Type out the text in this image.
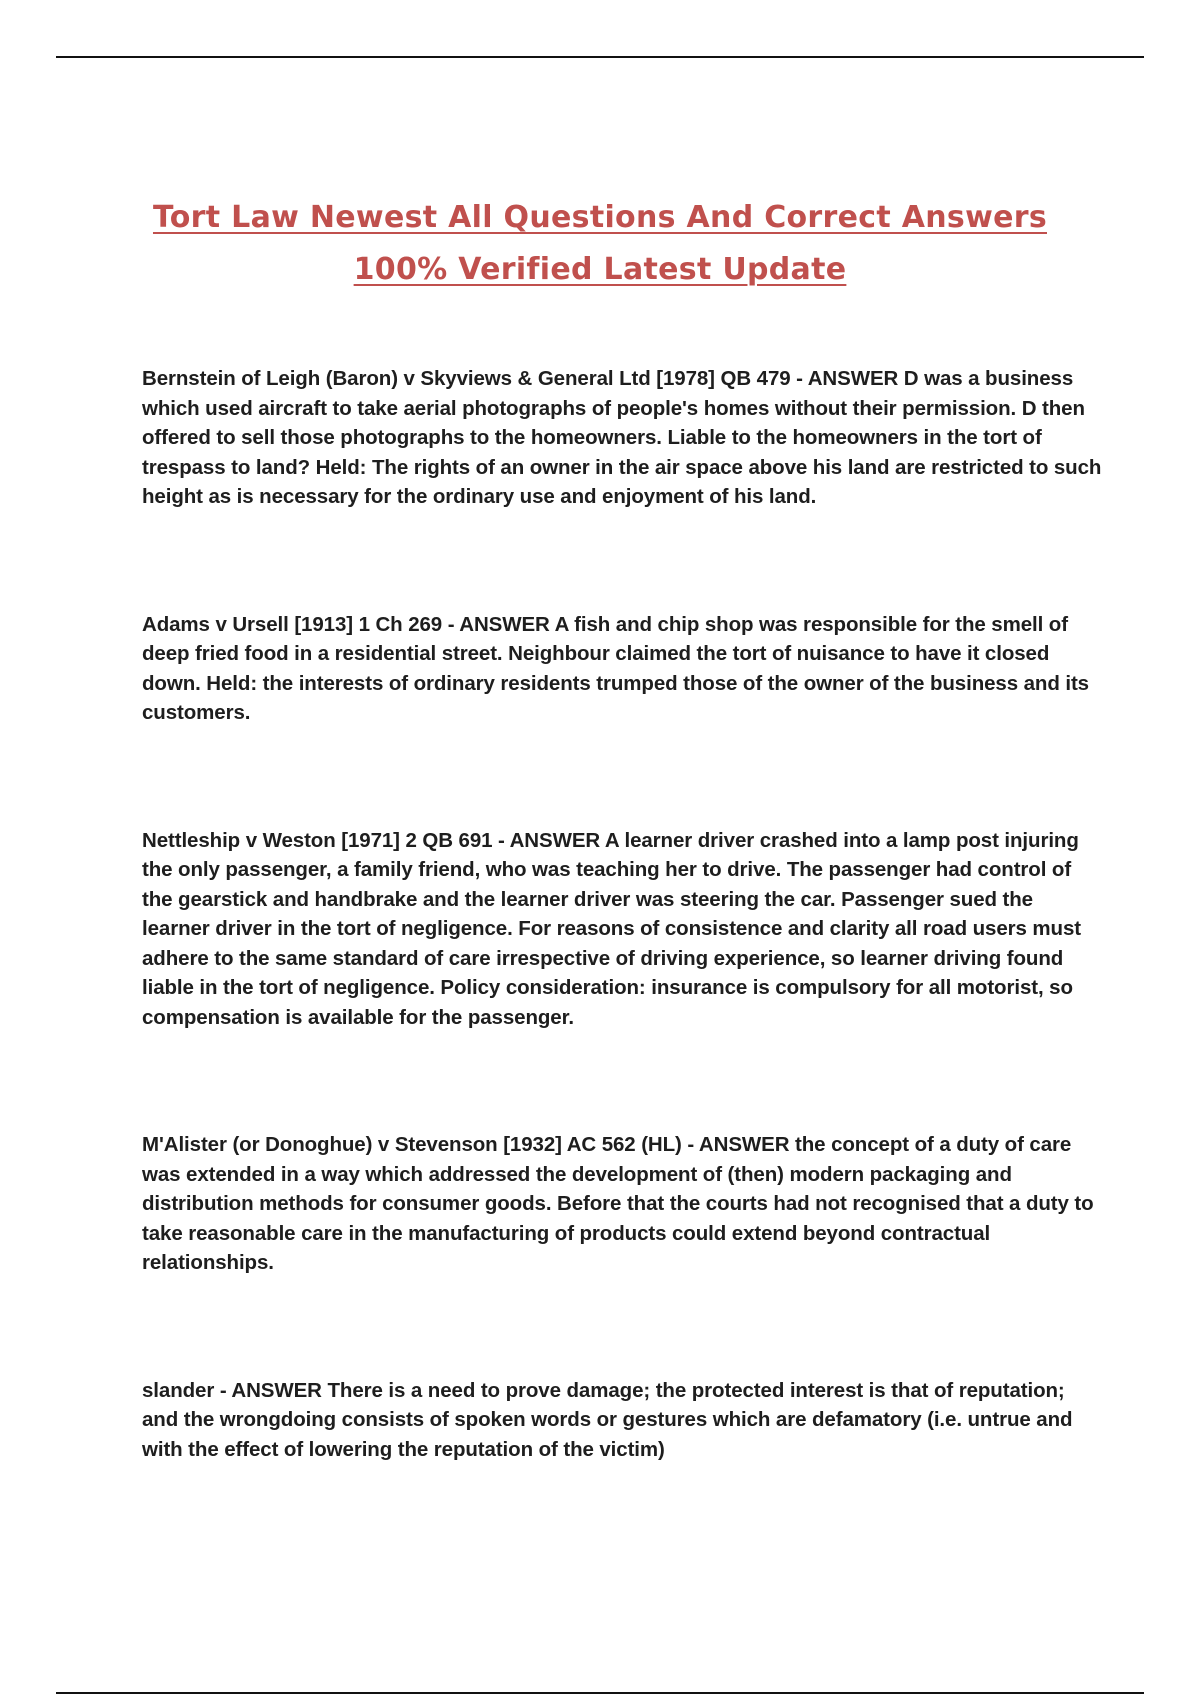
Tort Law Newest All Questions And Correct Answers
100% Verified Latest Update

Bernstein of Leigh (Baron) v Skyviews & General Ltd [1978] QB 479 - ANSWER D was a business which used aircraft to take aerial photographs of people's homes without their permission. D then offered to sell those photographs to the homeowners. Liable to the homeowners in the tort of trespass to land? Held: The rights of an owner in the air space above his land are restricted to such height as is necessary for the ordinary use and enjoyment of his land.

Adams v Ursell [1913] 1 Ch 269 - ANSWER A fish and chip shop was responsible for the smell of deep fried food in a residential street. Neighbour claimed the tort of nuisance to have it closed down. Held: the interests of ordinary residents trumped those of the owner of the business and its customers.

Nettleship v Weston [1971] 2 QB 691 - ANSWER A learner driver crashed into a lamp post injuring the only passenger, a family friend, who was teaching her to drive. The passenger had control of the gearstick and handbrake and the learner driver was steering the car. Passenger sued the learner driver in the tort of negligence. For reasons of consistence and clarity all road users must adhere to the same standard of care irrespective of driving experience, so learner driving found liable in the tort of negligence. Policy consideration: insurance is compulsory for all motorist, so compensation is available for the passenger.

M'Alister (or Donoghue) v Stevenson [1932] AC 562 (HL) - ANSWER the concept of a duty of care was extended in a way which addressed the development of (then) modern packaging and distribution methods for consumer goods. Before that the courts had not recognised that a duty to take reasonable care in the manufacturing of products could extend beyond contractual relationships.

slander - ANSWER There is a need to prove damage; the protected interest is that of reputation; and the wrongdoing consists of spoken words or gestures which are defamatory (i.e. untrue and with the effect of lowering the reputation of the victim)
